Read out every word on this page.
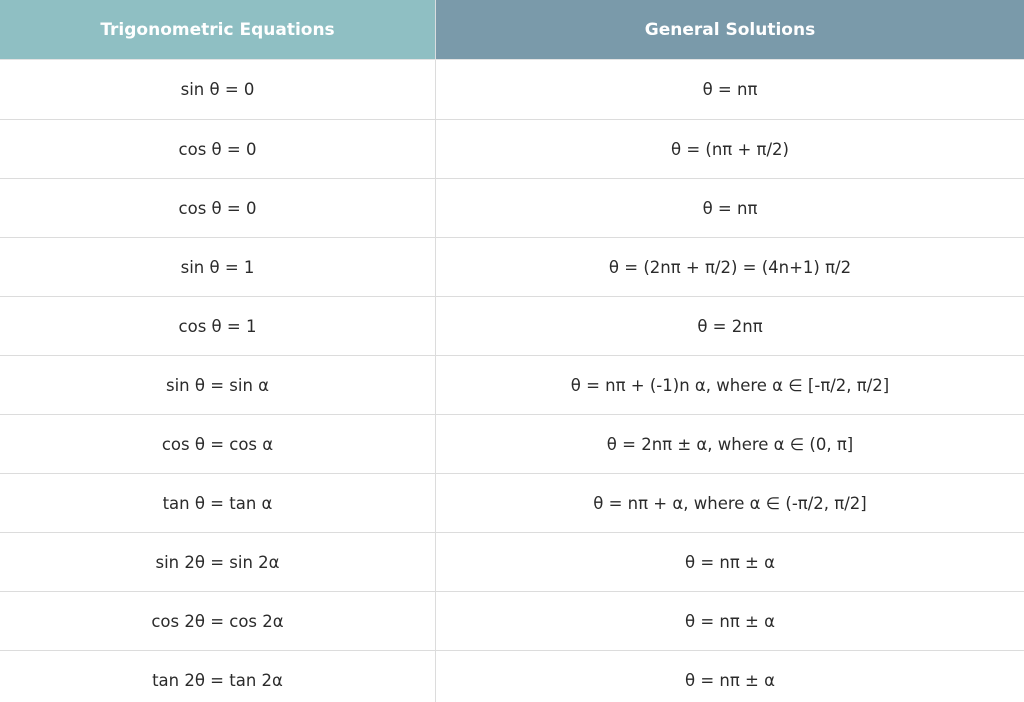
Trigonometric Equations	General Solutions
sin θ = 0	θ = nπ
cos θ = 0	θ = (nπ + π/2)
cos θ = 0	θ = nπ
sin θ = 1	θ = (2nπ + π/2) = (4n+1) π/2
cos θ = 1	θ = 2nπ
sin θ = sin α	θ = nπ + (-1)n α, where α ∈ [-π/2, π/2]
cos θ = cos α	θ = 2nπ ± α, where α ∈ (0, π]
tan θ = tan α	θ = nπ + α, where α ∈ (-π/2, π/2]
sin 2θ = sin 2α	θ = nπ ± α
cos 2θ = cos 2α	θ = nπ ± α
tan 2θ = tan 2α	θ = nπ ± α
